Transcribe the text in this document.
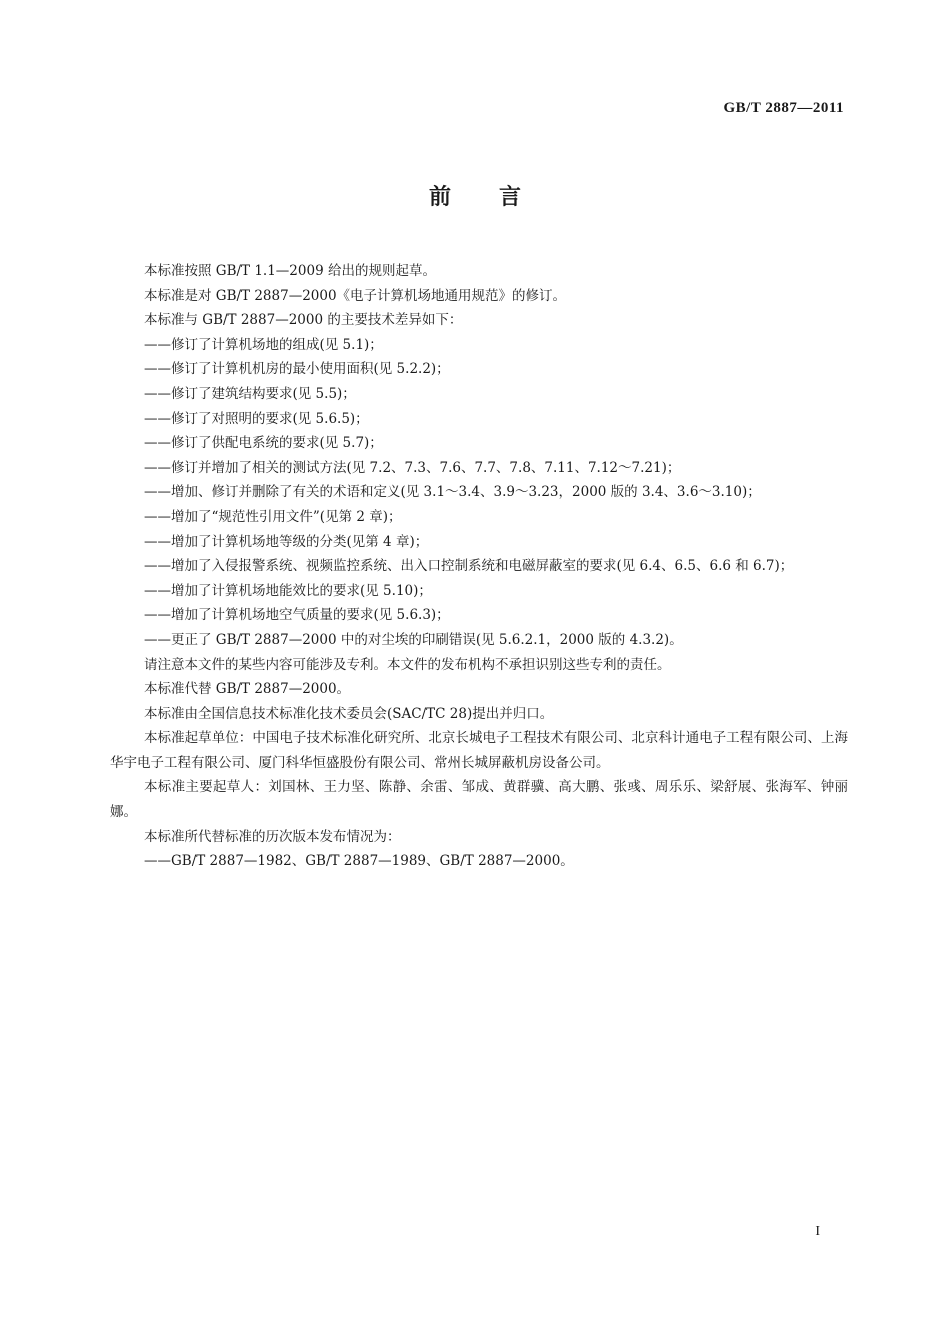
GB/T 2887—2011
前言

本标准按照 GB/T 1.1—2009 给出的规则起草。

本标准是对 GB/T 2887—2000《电子计算机场地通用规范》的修订。

本标准与 GB/T 2887—2000 的主要技术差异如下：

——修订了计算机场地的组成(见 5.1)；

——修订了计算机机房的最小使用面积(见 5.2.2)；

——修订了建筑结构要求(见 5.5)；

——修订了对照明的要求(见 5.6.5)；

——修订了供配电系统的要求(见 5.7)；

——修订并增加了相关的测试方法(见 7.2、7.3、7.6、7.7、7.8、7.11、7.12～7.21)；

——增加、修订并删除了有关的术语和定义(见 3.1～3.4、3.9～3.23，2000 版的 3.4、3.6～3.10)；

——增加了“规范性引用文件”(见第 2 章)；

——增加了计算机场地等级的分类(见第 4 章)；

——增加了入侵报警系统、视频监控系统、出入口控制系统和电磁屏蔽室的要求(见 6.4、6.5、6.6 和 6.7)；

——增加了计算机场地能效比的要求(见 5.10)；

——增加了计算机场地空气质量的要求(见 5.6.3)；

——更正了 GB/T 2887—2000 中的对尘埃的印刷错误(见 5.6.2.1，2000 版的 4.3.2)。

请注意本文件的某些内容可能涉及专利。本文件的发布机构不承担识别这些专利的责任。

本标准代替 GB/T 2887—2000。

本标准由全国信息技术标准化技术委员会(SAC/TC 28)提出并归口。

本标准起草单位：中国电子技术标准化研究所、北京长城电子工程技术有限公司、北京科计通电子工程有限公司、上海华宇电子工程有限公司、厦门科华恒盛股份有限公司、常州长城屏蔽机房设备公司。

本标准主要起草人：刘国林、王力坚、陈静、余雷、邹成、黄群骥、高大鹏、张彧、周乐乐、梁舒展、张海军、钟丽娜。

本标准所代替标准的历次版本发布情况为：

——GB/T 2887—1982、GB/T 2887—1989、GB/T 2887—2000。

I
